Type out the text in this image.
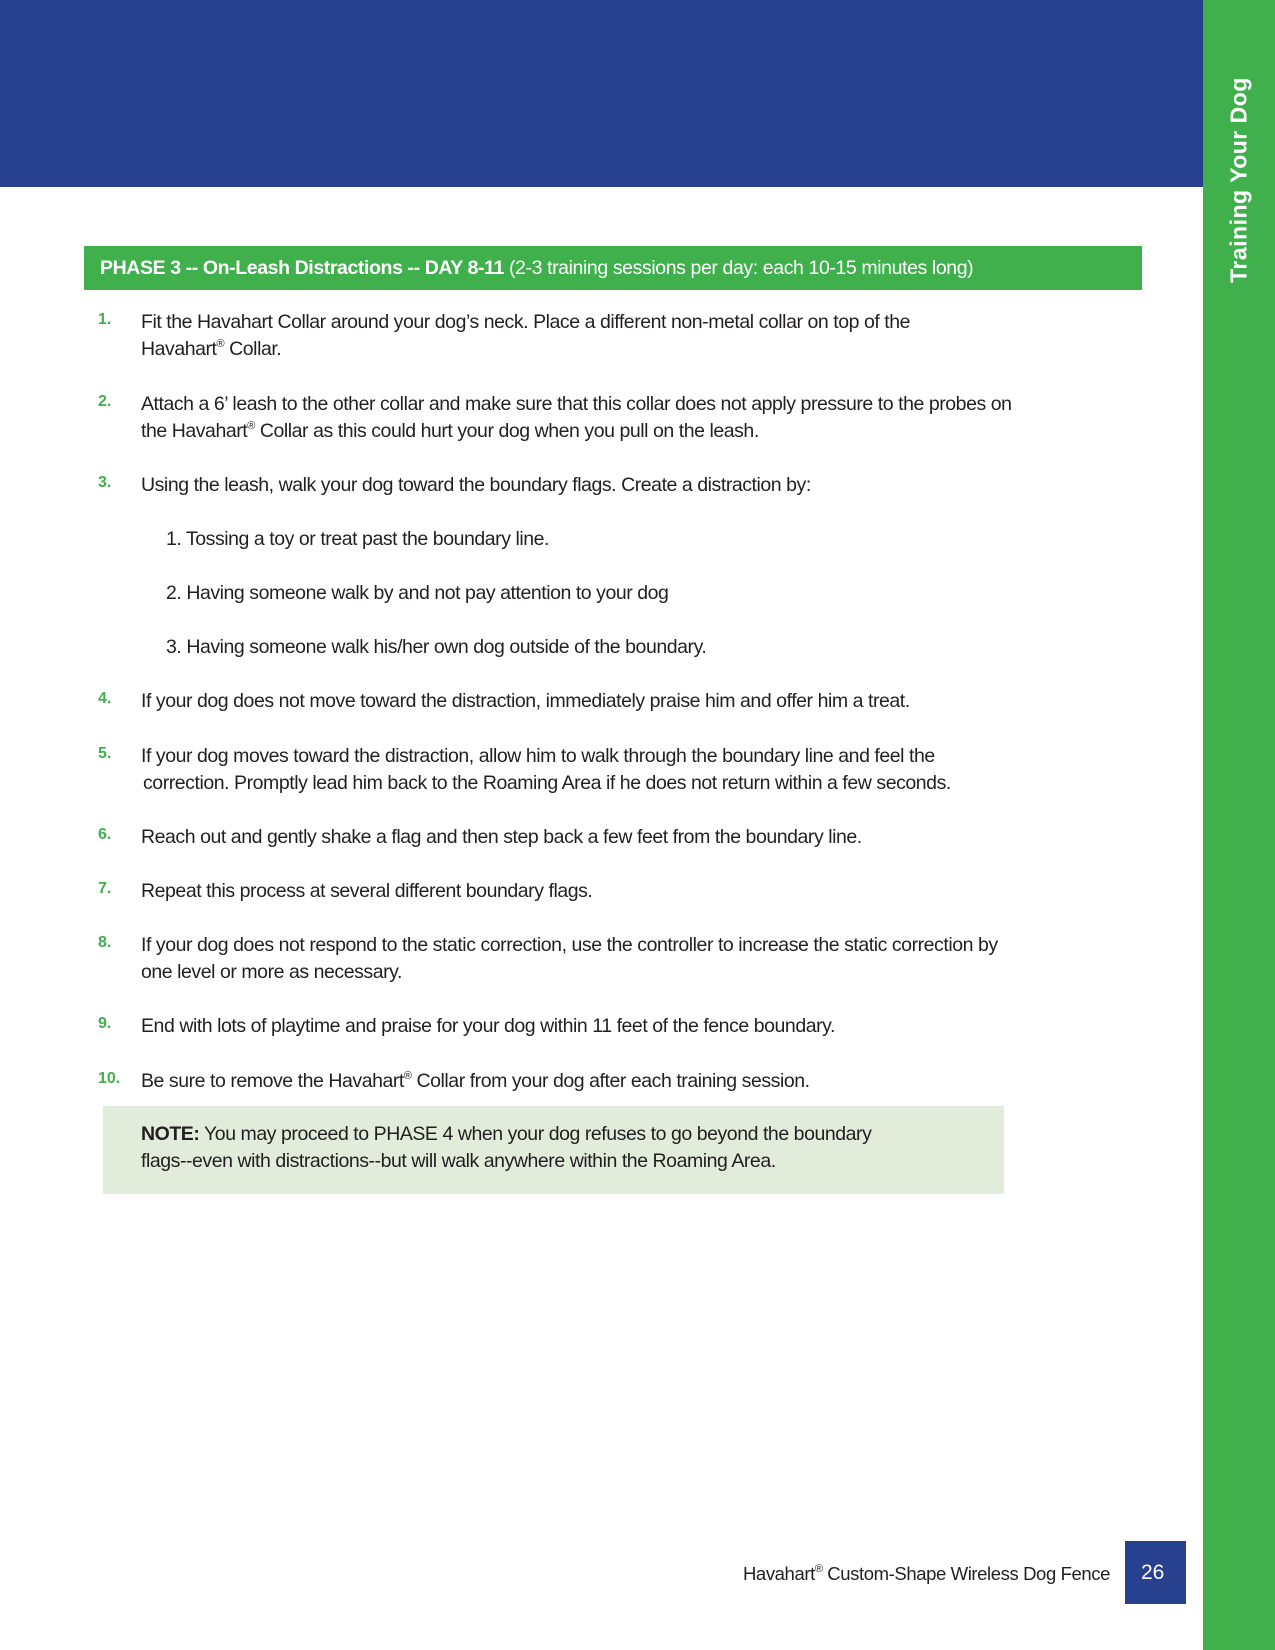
Training Your Dog
PHASE 3 -- On-Leash Distractions -- DAY 8-11 (2-3 training sessions per day: each 10-15 minutes long)
1.	Fit the Havahart Collar around your dog’s neck. Place a different non-metal collar on top of the
Havahart® Collar.
2.	Attach a 6’ leash to the other collar and make sure that this collar does not apply pressure to the probes on
the Havahart® Collar as this could hurt your dog when you pull on the leash.
3.	Using the leash, walk your dog toward the boundary flags. Create a distraction by:
1. Tossing a toy or treat past the boundary line.
2. Having someone walk by and not pay attention to your dog
3. Having someone walk his/her own dog outside of the boundary.
4.	If your dog does not move toward the distraction, immediately praise him and offer him a treat.
5.	If your dog moves toward the distraction, allow him to walk through the boundary line and feel the
correction. Promptly lead him back to the Roaming Area if he does not return within a few seconds.
6.	Reach out and gently shake a flag and then step back a few feet from the boundary line.
7.	Repeat this process at several different boundary flags.
8.	If your dog does not respond to the static correction, use the controller to increase the static correction by
one level or more as necessary.
9.	End with lots of playtime and praise for your dog within 11 feet of the fence boundary.
10.	Be sure to remove the Havahart® Collar from your dog after each training session.
NOTE: You may proceed to PHASE 4 when your dog refuses to go beyond the boundary
flags--even with distractions--but will walk anywhere within the Roaming Area.
Havahart® Custom-Shape Wireless Dog Fence	26
